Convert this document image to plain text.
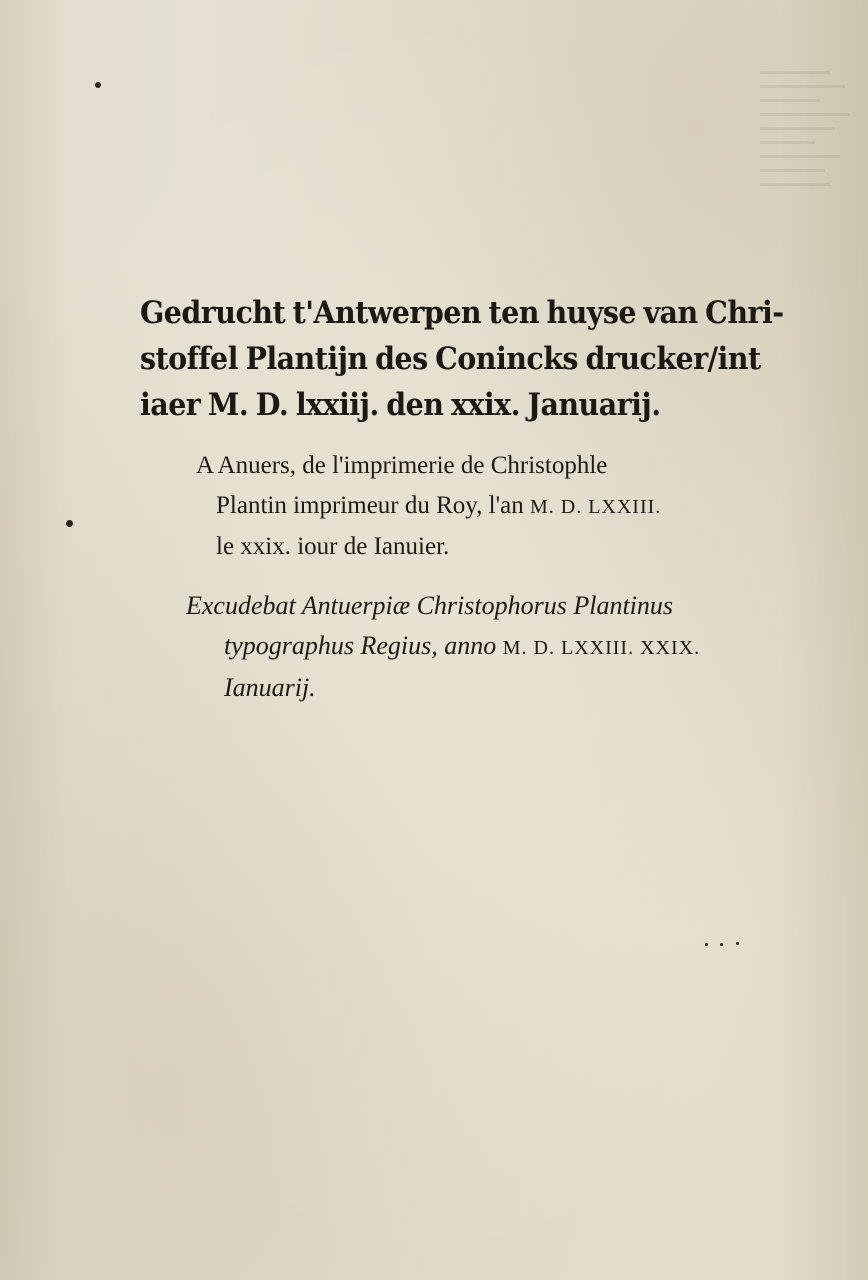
Gedrucht t'Antwerpen ten huyse van Chri-
stoffel Plantijn des Conincks drucker/int
iaer M. D. lxxiij. den xxix. Januarij.
A Anuers, de l'imprimerie de Christophle
Plantin imprimeur du Roy, l'an M. D. LXXIII.
le xxix. iour de Ianuier.
Excudebat Antuerpiæ Christophorus Plantinus
typographus Regius, anno M. D. LXXIII. XXIX.
Ianuarij.
